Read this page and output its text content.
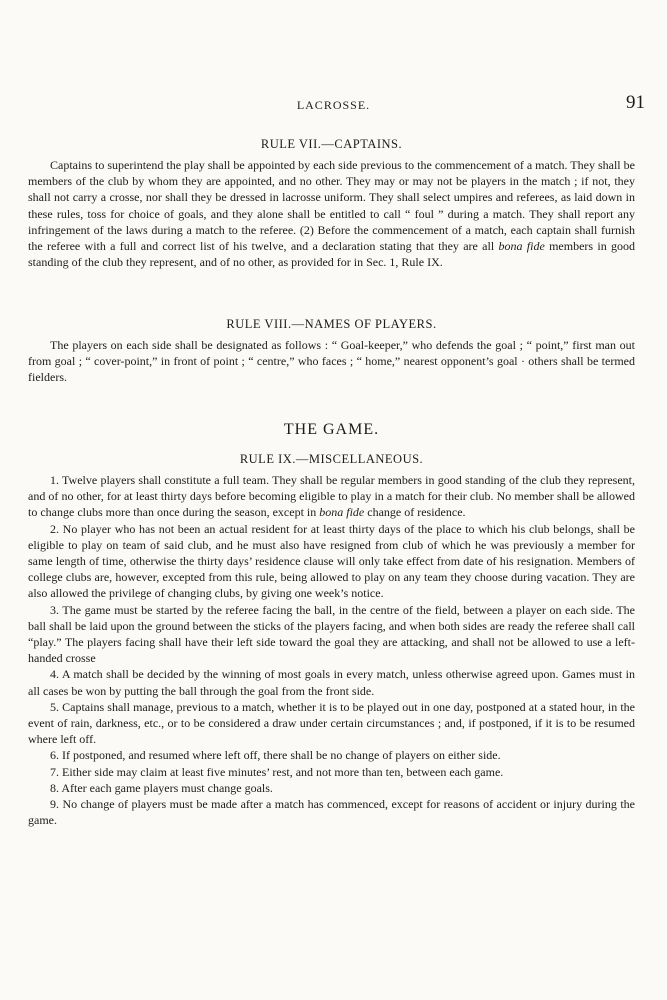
LACROSSE.	91
RULE VII.—CAPTAINS.

Captains to superintend the play shall be appointed by each side previous to the commencement of a match. They shall be members of the club by whom they are appointed, and no other. They may or may not be players in the match ; if not, they shall not carry a crosse, nor shall they be dressed in lacrosse uniform. They shall select umpires and referees, as laid down in these rules, toss for choice of goals, and they alone shall be entitled to call “ foul ” during a match. They shall report any infringement of the laws during a match to the referee. (2) Before the commencement of a match, each captain shall furnish the referee with a full and correct list of his twelve, and a declaration stating that they are all bona fide members in good standing of the club they represent, and of no other, as provided for in Sec. 1, Rule IX.

RULE VIII.—NAMES OF PLAYERS.

The players on each side shall be designated as follows : “ Goal-keeper,” who defends the goal ; “ point,” first man out from goal ; “ cover-point,” in front of point ; “ centre,” who faces ; “ home,” nearest opponent’s goal · others shall be termed fielders.

THE GAME.
RULE IX.—MISCELLANEOUS.

1. Twelve players shall constitute a full team. They shall be regular members in good standing of the club they represent, and of no other, for at least thirty days before becoming eligible to play in a match for their club. No member shall be allowed to change clubs more than once during the season, except in bona fide change of residence.

2. No player who has not been an actual resident for at least thirty days of the place to which his club belongs, shall be eligible to play on team of said club, and he must also have resigned from club of which he was previously a member for same length of time, otherwise the thirty days’ residence clause will only take effect from date of his resignation. Members of college clubs are, however, excepted from this rule, being allowed to play on any team they choose during vacation. They are also allowed the privilege of changing clubs, by giving one week’s notice.

3. The game must be started by the referee facing the ball, in the centre of the field, between a player on each side. The ball shall be laid upon the ground between the sticks of the players facing, and when both sides are ready the referee shall call “play.” The players facing shall have their left side toward the goal they are attacking, and shall not be allowed to use a left-handed crosse

4. A match shall be decided by the winning of most goals in every match, unless otherwise agreed upon. Games must in all cases be won by putting the ball through the goal from the front side.

5. Captains shall manage, previous to a match, whether it is to be played out in one day, postponed at a stated hour, in the event of rain, darkness, etc., or to be considered a draw under certain circumstances ; and, if postponed, if it is to be resumed where left off.

6. If postponed, and resumed where left off, there shall be no change of players on either side.

7. Either side may claim at least five minutes’ rest, and not more than ten, between each game.

8. After each game players must change goals.

9. No change of players must be made after a match has commenced, except for reasons of accident or injury during the game.
